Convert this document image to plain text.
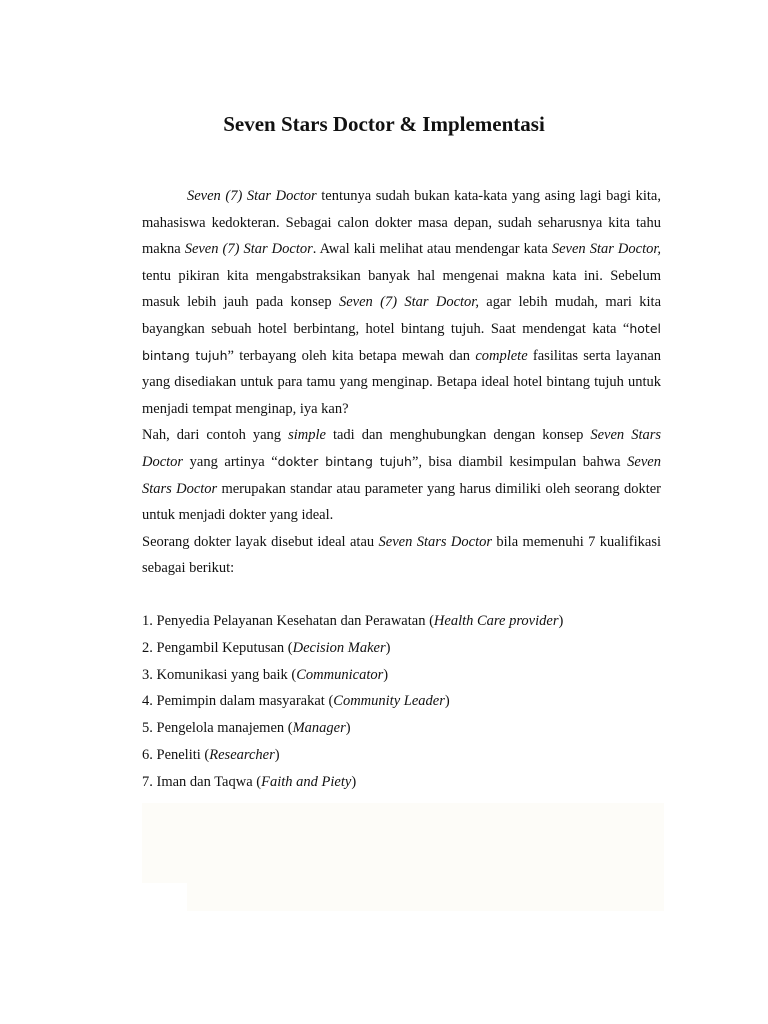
Seven Stars Doctor & Implementasi

Seven (7) Star Doctor tentunya sudah bukan kata-kata yang asing lagi bagi kita, mahasiswa kedokteran. Sebagai calon dokter masa depan, sudah seharusnya kita tahu makna Seven (7) Star Doctor. Awal kali melihat atau mendengar kata Seven Star Doctor, tentu pikiran kita mengabstraksikan banyak hal mengenai makna kata ini. Sebelum masuk lebih jauh pada konsep Seven (7) Star Doctor, agar lebih mudah, mari kita bayangkan sebuah hotel berbintang, hotel bintang tujuh. Saat mendengat kata “hotel bintang tujuh” terbayang oleh kita betapa mewah dan complete fasilitas serta layanan yang disediakan untuk para tamu yang menginap. Betapa ideal hotel bintang tujuh untuk menjadi tempat menginap, iya kan?

Nah, dari contoh yang simple tadi dan menghubungkan dengan konsep Seven Stars Doctor yang artinya “dokter bintang tujuh”, bisa diambil kesimpulan bahwa Seven Stars Doctor merupakan standar atau parameter yang harus dimiliki oleh seorang dokter untuk menjadi dokter yang ideal.

Seorang dokter layak disebut ideal atau Seven Stars Doctor bila memenuhi 7 kualifikasi sebagai berikut:

1. Penyedia Pelayanan Kesehatan dan Perawatan (Health Care provider)
2. Pengambil Keputusan (Decision Maker)
3. Komunikasi yang baik (Communicator)
4. Pemimpin dalam masyarakat (Community Leader)
5. Pengelola manajemen (Manager)
6. Peneliti (Researcher)
7. Iman dan Taqwa (Faith and Piety)
